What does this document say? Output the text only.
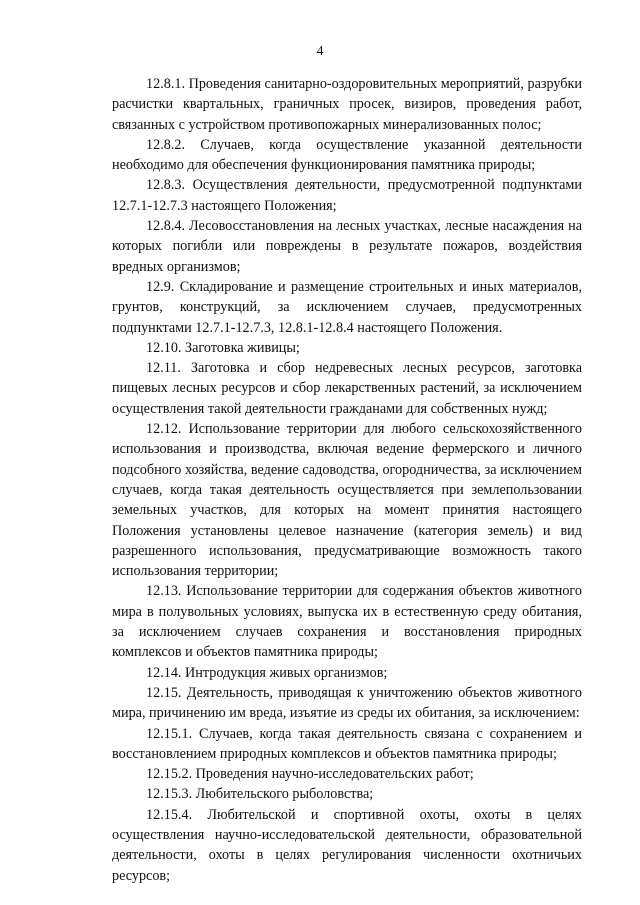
4

12.8.1. Проведения санитарно-оздоровительных мероприятий, разрубки расчистки квартальных, граничных просек, визиров, проведения работ, связанных с устройством противопожарных минерализованных полос;

12.8.2. Случаев, когда осуществление указанной деятельности необходимо для обеспечения функционирования памятника природы;

12.8.3. Осуществления деятельности, предусмотренной подпунктами 12.7.1-12.7.3 настоящего Положения;

12.8.4. Лесовосстановления на лесных участках, лесные насаждения на которых погибли или повреждены в результате пожаров, воздействия вредных организмов;

12.9. Складирование и размещение строительных и иных материалов, грунтов, конструкций, за исключением случаев, предусмотренных подпунктами 12.7.1-12.7.3, 12.8.1-12.8.4 настоящего Положения.

12.10. Заготовка живицы;

12.11. Заготовка и сбор недревесных лесных ресурсов, заготовка пищевых лесных ресурсов и сбор лекарственных растений, за исключением осуществления такой деятельности гражданами для собственных нужд;

12.12. Использование территории для любого сельскохозяйственного использования и производства, включая ведение фермерского и личного подсобного хозяйства, ведение садоводства, огородничества, за исключением случаев, когда такая деятельность осуществляется при землепользовании земельных участков, для которых на момент принятия настоящего Положения установлены целевое назначение (категория земель) и вид разрешенного использования, предусматривающие возможность такого использования территории;

12.13. Использование территории для содержания объектов животного мира в полувольных условиях, выпуска их в естественную среду обитания, за исключением случаев сохранения и восстановления природных комплексов и объектов памятника природы;

12.14. Интродукция живых организмов;

12.15. Деятельность, приводящая к уничтожению объектов животного мира, причинению им вреда, изъятие из среды их обитания, за исключением:

12.15.1. Случаев, когда такая деятельность связана с сохранением и восстановлением природных комплексов и объектов памятника природы;

12.15.2. Проведения научно-исследовательских работ;

12.15.3. Любительского рыболовства;

12.15.4. Любительской и спортивной охоты, охоты в целях осуществления научно-исследовательской деятельности, образовательной деятельности, охоты в целях регулирования численности охотничьих ресурсов;
